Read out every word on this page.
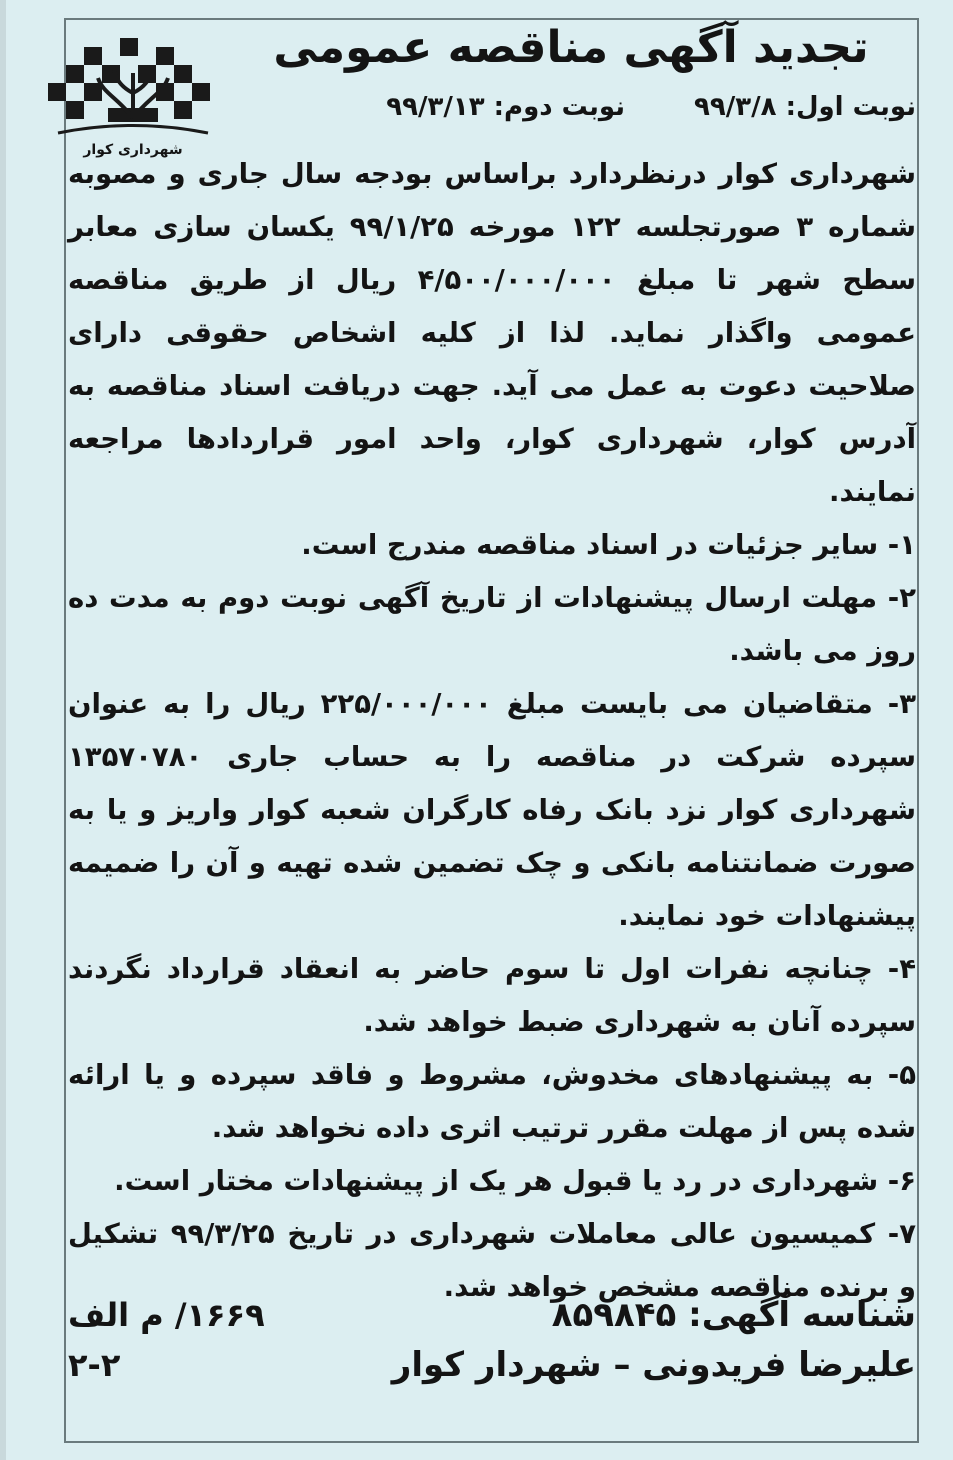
شهرداری کوار
تجدید آگهی مناقصه عمومی
نوبت اول: ۹۹/۳/۸ نوبت دوم: ۹۹/۳/۱۳

شهرداری کوار درنظردارد براساس بودجه سال جاری و مصوبه شماره ۳ صورتجلسه ۱۲۲ مورخه ۹۹/۱/۲۵ یکسان سازی معابر سطح شهر تا مبلغ ۴/۵۰۰/۰۰۰/۰۰۰ ریال از طریق مناقصه عمومی واگذار نماید. لذا از کلیه اشخاص حقوقی دارای صلاحیت دعوت به عمل می آید. جهت دریافت اسناد مناقصه به آدرس کوار، شهرداری کوار، واحد امور قراردادها مراجعه نمایند.

۱- سایر جزئیات در اسناد مناقصه مندرج است.

۲- مهلت ارسال پیشنهادات از تاریخ آگهی نوبت دوم به مدت ده روز می باشد.

۳- متقاضیان می بایست مبلغ ۲۲۵/۰۰۰/۰۰۰ ریال را به عنوان سپرده شرکت در مناقصه را به حساب جاری ۱۳۵۷۰۷۸۰ شهرداری کوار نزد بانک رفاه کارگران شعبه کوار واریز و یا به صورت ضمانتنامه بانکی و چک تضمین شده تهیه و آن را ضمیمه پیشنهادات خود نمایند.

۴- چنانچه نفرات اول تا سوم حاضر به انعقاد قرارداد نگردند سپرده آنان به شهرداری ضبط خواهد شد.

۵- به پیشنهادهای مخدوش، مشروط و فاقد سپرده و یا ارائه شده پس از مهلت مقرر ترتیب اثری داده نخواهد شد.

۶- شهرداری در رد یا قبول هر یک از پیشنهادات مختار است.

۷- کمیسیون عالی معاملات شهرداری در تاریخ ۹۹/۳/۲۵ تشکیل و برنده مناقصه مشخص خواهد شد.

شناسه آگهی: ۸۵۹۸۴۵
۱۶۶۹/ م الف
علیرضا فریدونی – شهردار کوار
۲-۲
